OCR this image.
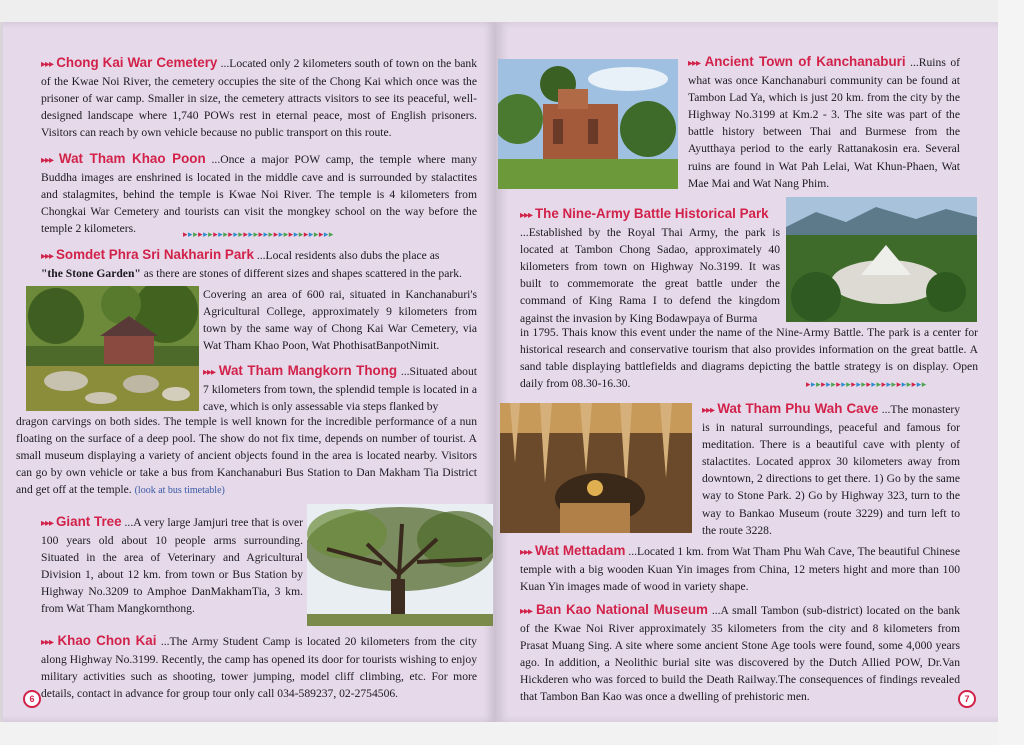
▸▸▸ Chong Kai War Cemetery ...Located only 2 kilometers south of town on the bank of the Kwae Noi River, the cemetery occupies the site of the Chong Kai which once was the prisoner of war camp. Smaller in size, the cemetery attracts visitors to see its peaceful, well-designed landscape where 1,740 POWs rest in eternal peace, most of English prisoners. Visitors can reach by own vehicle because no public transport on this route.
▸▸▸ Wat Tham Khao Poon ...Once a major POW camp, the temple where many Buddha images are enshrined is located in the middle cave and is surrounded by stalactites and stalagmites, behind the temple is Kwae Noi River. The temple is 4 kilometers from Chongkai War Cemetery and tourists can visit the mongkey school on the way before the temple 2 kilometers.	▸▸▸▸▸▸▸▸▸▸▸▸▸▸▸▸▸▸▸▸▸▸▸▸▸▸▸▸▸▸
▸▸▸ Somdet Phra Sri Nakharin Park ...Local residents also dubs the place as
"the Stone Garden" as there are stones of different sizes and shapes scattered in the park.
Covering an area of 600 rai, situated in Kanchanaburi's Agricultural College, approximately 9 kilometers from town by the same way of Chong Kai War Cemetery, via Wat Tham Khao Poon, Wat PhothisatBanpotNimit.
▸▸▸ Wat Tham Mangkorn Thong ...Situated about 7 kilometers from town, the splendid temple is located in a cave, which is only assessable via steps flanked by
dragon carvings on both sides. The temple is well known for the incredible performance of a nun floating on the surface of a deep pool. The show do not fix time, depends on number of tourist. A small museum displaying a variety of ancient objects found in the area is located nearby. Visitors can go by own vehicle or take a bus from Kanchanaburi Bus Station to Dan Makham Tia District and get off at the temple. (look at bus timetable)
▸▸▸ Giant Tree ...A very large Jamjuri tree that is over 100 years old about 10 people arms surrounding. Situated in the area of Veterinary and Agricultural Division 1, about 12 km. from town or Bus Station by Highway No.3209 to Amphoe DanMakhamTia, 3 km. from Wat Tham Mangkornthong.
▸▸▸ Khao Chon Kai ...The Army Student Camp is located 20 kilometers from the city along Highway No.3199. Recently, the camp has opened its door for tourists wishing to enjoy military activities such as shooting, tower jumping, model cliff climbing, etc. For more details, contact in advance for group tour only call 034-589237, 02-2754506.
6
▸▸▸ Ancient Town of Kanchanaburi ...Ruins of what was once Kanchanaburi community can be found at Tambon Lad Ya, which is just 20 km. from the city by the Highway No.3199 at Km.2 - 3. The site was part of the battle history between Thai and Burmese from the Ayutthaya period to the early Rattanakosin era. Several ruins are found in Wat Pah Lelai, Wat Khun-Phaen, Wat Mae Mai and Wat Nang Phim.
▸▸▸ The Nine-Army Battle Historical Park
...Established by the Royal Thai Army, the park is located at Tambon Chong Sadao, approximately 40 kilometers from town on Highway No.3199. It was built to commemorate the great battle under the command of King Rama I to defend the kingdom against the invasion by King Bodawpaya of Burma
in 1795. Thais know this event under the name of the Nine-Army Battle. The park is a center for historical research and conservative tourism that also provides information on the great battle. A sand table displaying battlefields and diagrams depicting the battle strategy is on display. Open daily from 08.30-16.30.	▸▸▸▸▸▸▸▸▸▸▸▸▸▸▸▸▸▸▸▸▸▸▸▸
▸▸▸ Wat Tham Phu Wah Cave ...The monastery is in natural surroundings, peaceful and famous for meditation. There is a beautiful cave with plenty of stalactites. Located approx 30 kilometers away from downtown, 2 directions to get there. 1) Go by the same way to Stone Park. 2) Go by Highway 323, turn to the way to Bankao Museum (route 3229) and turn left to the route 3228.
▸▸▸ Wat Mettadam ...Located 1 km. from Wat Tham Phu Wah Cave, The beautiful Chinese temple with a big wooden Kuan Yin images from China, 12 meters hight and more than 100 Kuan Yin images made of wood in variety shape.
▸▸▸ Ban Kao National Museum ...A small Tambon (sub-district) located on the bank of the Kwae Noi River approximately 35 kilometers from the city and 8 kilometers from Prasat Muang Sing. A site where some ancient Stone Age tools were found, some 4,000 years ago. In addition, a Neolithic burial site was discovered by the Dutch Allied POW, Dr.Van Hickderen who was forced to build the Death Railway.The consequences of findings revealed that Tambon Ban Kao was once a dwelling of prehistoric men.	7
